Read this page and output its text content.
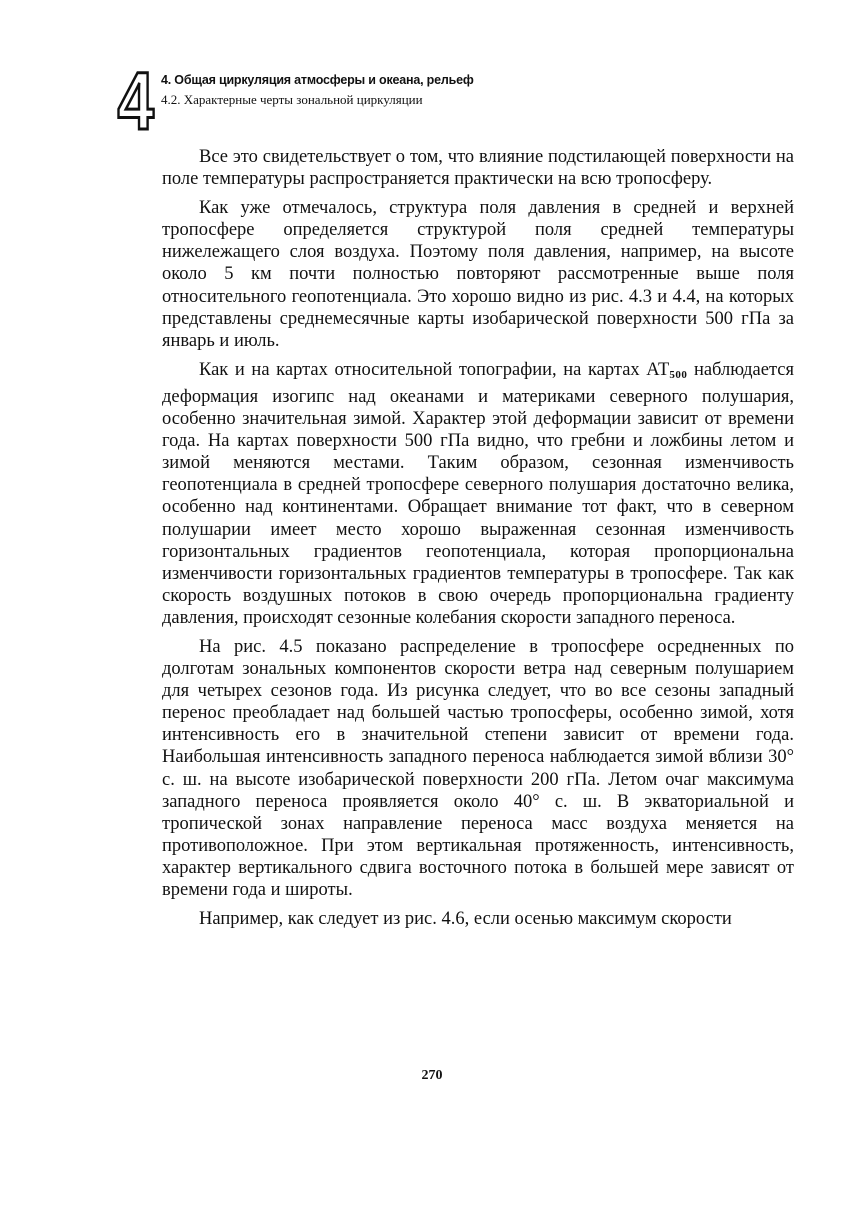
4 4. Общая циркуляция атмосферы и океана, рельеф
4.2. Характерные черты зональной циркуляции

Все это свидетельствует о том, что влияние подстилающей поверхности на поле температуры распространяется практически на всю тропосферу.

Как уже отмечалось, структура поля давления в средней и верхней тропосфере определяется структурой поля средней температуры нижележащего слоя воздуха. Поэтому поля давления, например, на высоте около 5 км почти полностью повторяют рассмотренные выше поля относительного геопотенциала. Это хорошо видно из рис. 4.3 и 4.4, на которых представлены среднемесячные карты изобарической поверхности 500 гПа за январь и июль.

Как и на картах относительной топографии, на картах $АТ_{500}$ наблюдается деформация изогипс над океанами и материками северного полушария, особенно значительная зимой. Характер этой деформации зависит от времени года. На картах поверхности 500 гПа видно, что гребни и ложбины летом и зимой меняются местами. Таким образом, сезонная изменчивость геопотенциала в средней тропосфере северного полушария достаточно велика, особенно над континентами. Обращает внимание тот факт, что в северном полушарии имеет место хорошо выраженная сезонная изменчивость горизонтальных градиентов геопотенциала, которая пропорциональна изменчивости горизонтальных градиентов температуры в тропосфере. Так как скорость воздушных потоков в свою очередь пропорциональна градиенту давления, происходят сезонные колебания скорости западного переноса.

На рис. 4.5 показано распределение в тропосфере осредненных по долготам зональных компонентов скорости ветра над северным полушарием для четырех сезонов года. Из рисунка следует, что во все сезоны западный перенос преобладает над большей частью тропосферы, особенно зимой, хотя интенсивность его в значительной степени зависит от времени года. Наибольшая интенсивность западного переноса наблюдается зимой вблизи 30° с. ш. на высоте изобарической поверхности 200 гПа. Летом очаг максимума западного переноса проявляется около 40° с. ш. В экваториальной и тропической зонах направление переноса масс воздуха меняется на противоположное. При этом вертикальная протяженность, интенсивность, характер вертикального сдвига восточного потока в большей мере зависят от времени года и широты.

Например, как следует из рис. 4.6, если осенью максимум скорости

270
